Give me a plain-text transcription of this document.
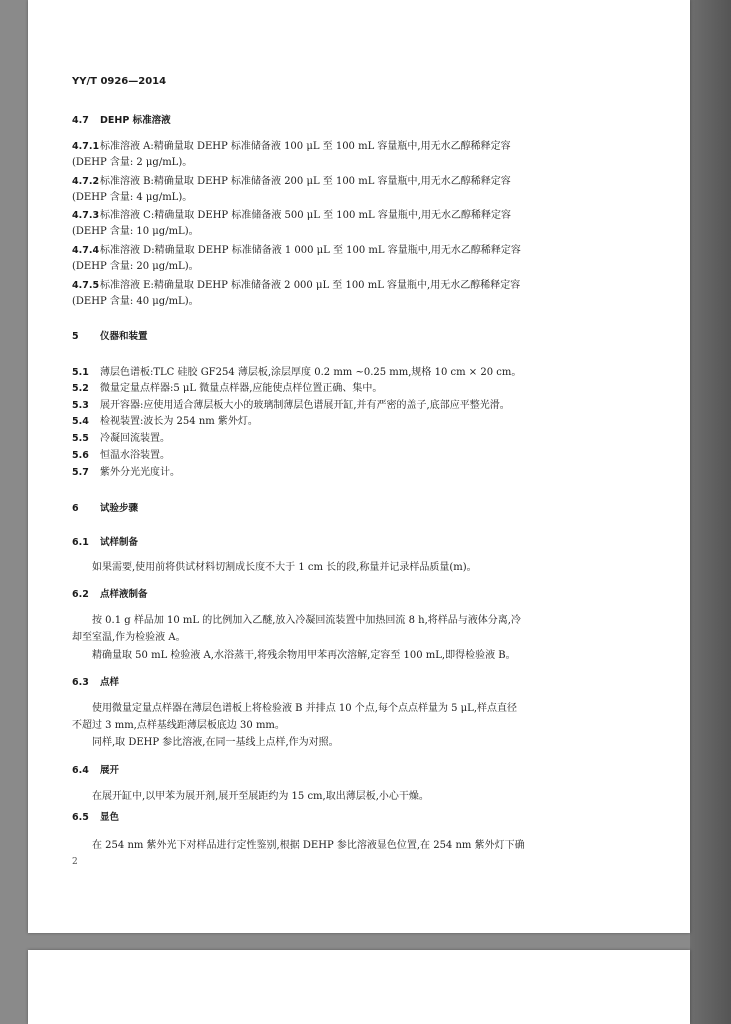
YY/T 0926—2014
4.7 DEHP 标准溶液
4.7.1标准溶液 A:精确量取 DEHP 标准储备液 100 μL 至 100 mL 容量瓶中,用无水乙醇稀释定容
(DEHP 含量: 2 μg/mL)。
4.7.2标准溶液 B:精确量取 DEHP 标准储备液 200 μL 至 100 mL 容量瓶中,用无水乙醇稀释定容
(DEHP 含量: 4 μg/mL)。
4.7.3标准溶液 C:精确量取 DEHP 标准储备液 500 μL 至 100 mL 容量瓶中,用无水乙醇稀释定容
(DEHP 含量: 10 μg/mL)。
4.7.4标准溶液 D:精确量取 DEHP 标准储备液 1 000 μL 至 100 mL 容量瓶中,用无水乙醇稀释定容
(DEHP 含量: 20 μg/mL)。
4.7.5标准溶液 E:精确量取 DEHP 标准储备液 2 000 μL 至 100 mL 容量瓶中,用无水乙醇稀释定容
(DEHP 含量: 40 μg/mL)。
5 仪器和装置
5.1 薄层色谱板:TLC 硅胶 GF254 薄层板,涂层厚度 0.2 mm ~0.25 mm,规格 10 cm × 20 cm。
5.2 微量定量点样器:5 μL 微量点样器,应能使点样位置正确、集中。
5.3 展开容器:应使用适合薄层板大小的玻璃制薄层色谱展开缸,并有严密的盖子,底部应平整光滑。
5.4 检视装置:波长为 254 nm 紫外灯。
5.5 冷凝回流装置。
5.6 恒温水浴装置。
5.7 紫外分光光度计。
6 试验步骤
6.1 试样制备
如果需要,使用前将供试材料切割成长度不大于 1 cm 长的段,称量并记录样品质量(m)。
6.2 点样液制备
按 0.1 g 样品加 10 mL 的比例加入乙醚,放入冷凝回流装置中加热回流 8 h,将样品与液体分离,冷
却至室温,作为检验液 A。
精确量取 50 mL 检验液 A,水浴蒸干,将残余物用甲苯再次溶解,定容至 100 mL,即得检验液 B。
6.3 点样
使用微量定量点样器在薄层色谱板上将检验液 B 并排点 10 个点,每个点点样量为 5 μL,样点直径
不超过 3 mm,点样基线距薄层板底边 30 mm。
同样,取 DEHP 参比溶液,在同一基线上点样,作为对照。
6.4 展开
在展开缸中,以甲苯为展开剂,展开至展距约为 15 cm,取出薄层板,小心干燥。
6.5 显色
在 254 nm 紫外光下对样品进行定性鉴别,根据 DEHP 参比溶液显色位置,在 254 nm 紫外灯下确
2
